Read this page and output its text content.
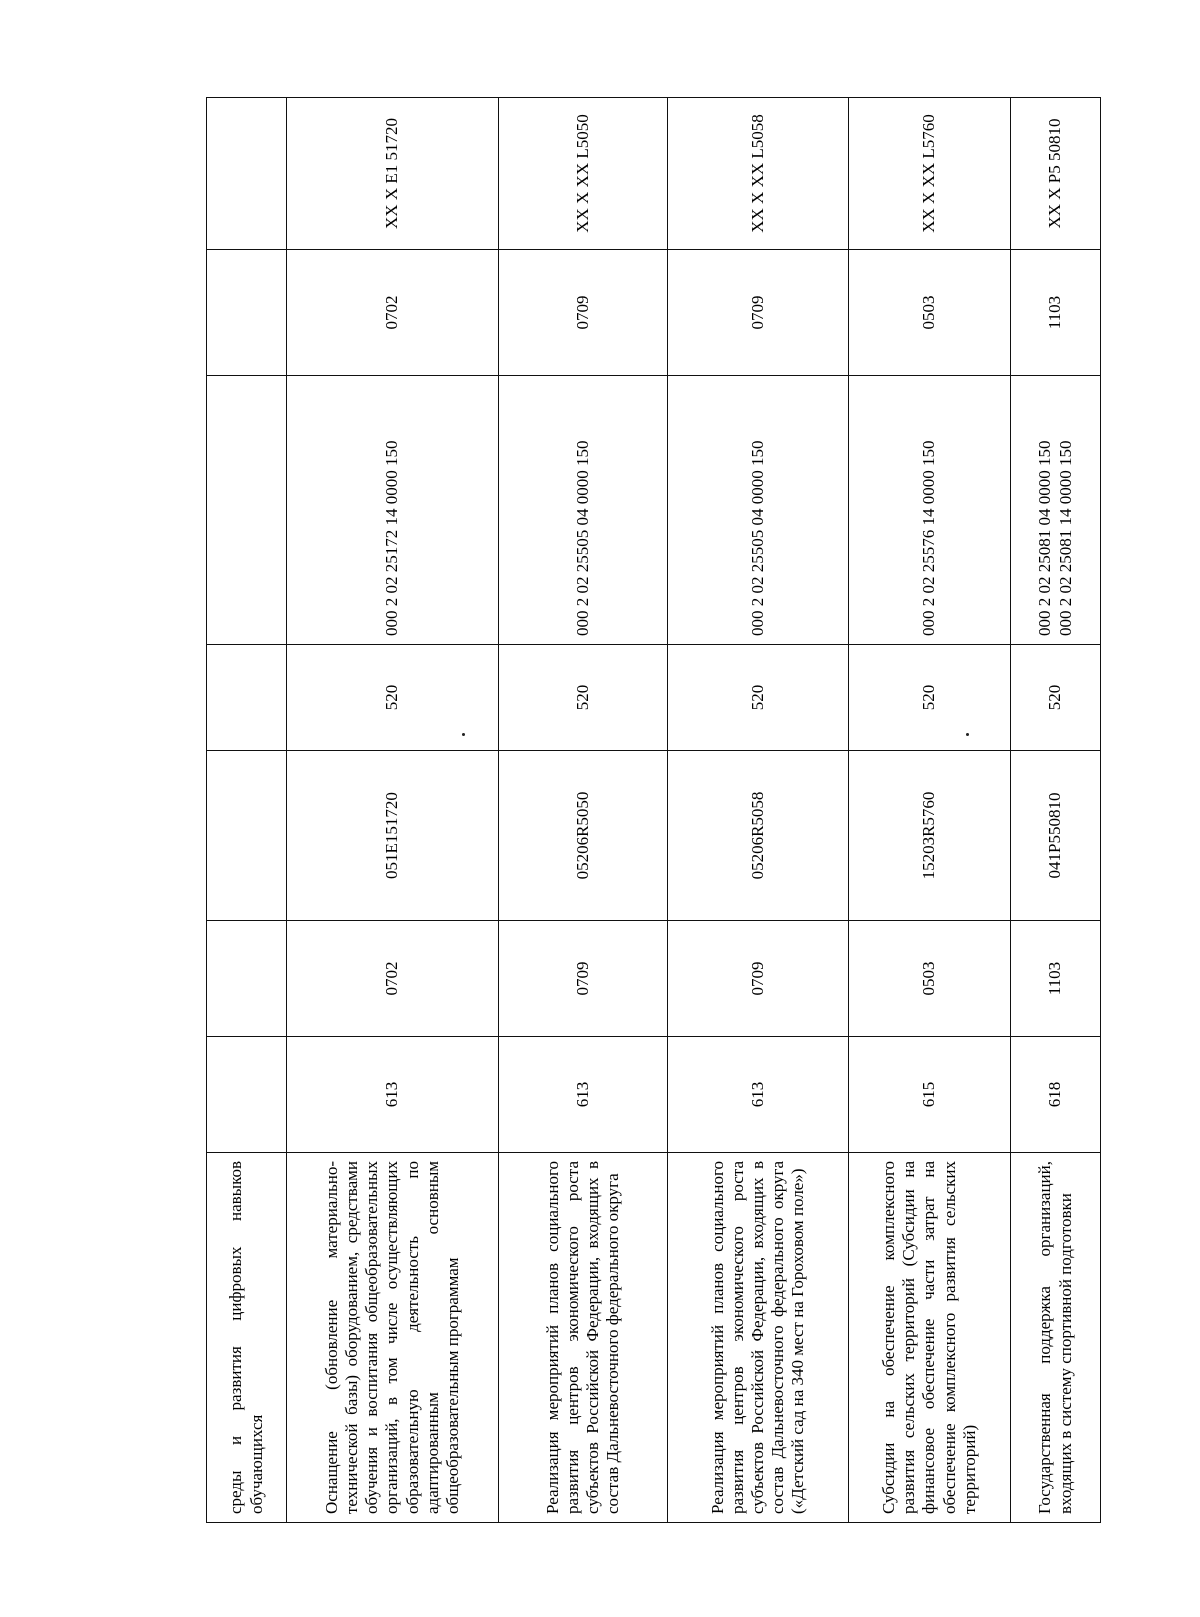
среды и развития цифровых навыков обучающихся							
Оснащение (обновление материально-технической базы) оборудованием, средствами обучения и воспитания общеобразовательных организаций, в том числе осуществляющих образовательную деятельность по адаптированным основным общеобразовательным программам	613	0702	051E151720	520	000 2 02 25172 14 0000 150	0702	XX X E1 51720
Реализация мероприятий планов социального развития центров экономического роста субъектов Российской Федерации, входящих в состав Дальневосточного федерального округа	613	0709	05206R5050	520	000 2 02 25505 04 0000 150	0709	XX X XX L5050
Реализация мероприятий планов социального развития центров экономического роста субъектов Российской Федерации, входящих в состав Дальневосточного федерального округа («Детский сад на 340 мест на Гороховом поле»)	613	0709	05206R5058	520	000 2 02 25505 04 0000 150	0709	XX X XX L5058
Субсидии на обеспечение комплексного развития сельских территорий (Субсидии на финансовое обеспечение части затрат на обеспечение комплексного развития сельских территорий)	615	0503	15203R5760	520	000 2 02 25576 14 0000 150	0503	XX X XX L5760
Государственная поддержка организаций, входящих в систему спортивной подготовки	618	1103	041P550810	520	000 2 02 25081 04 0000 150 000 2 02 25081 14 0000 150	1103	XX X P5 50810
